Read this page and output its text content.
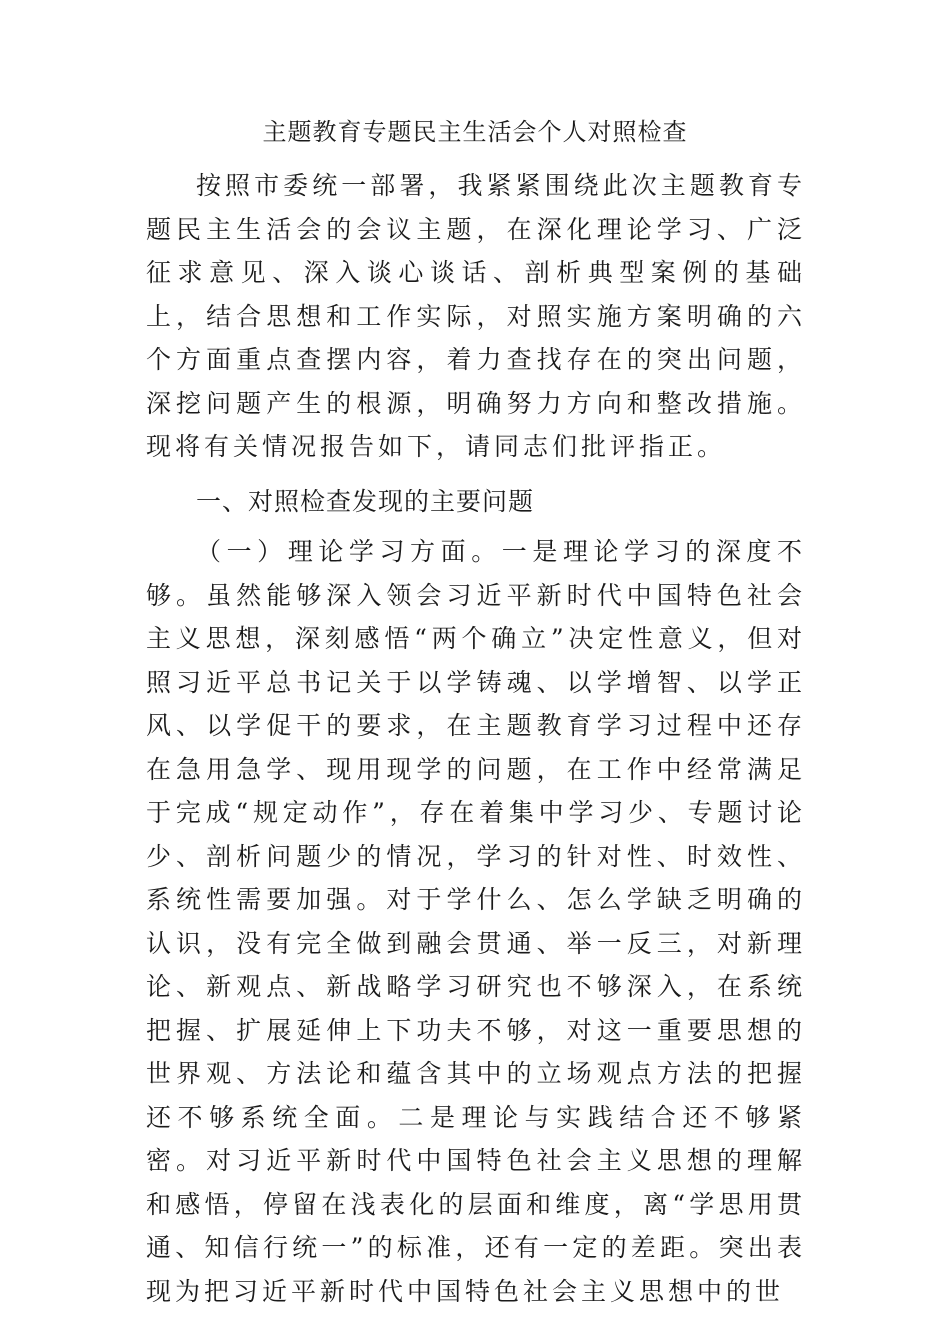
主题教育专题民主生活会个人对照检查

按照市委统一部署，我紧紧围绕此次主题教育专题民主生活会的会议主题，在深化理论学习、广泛征求意见、深入谈心谈话、剖析典型案例的基础上，结合思想和工作实际，对照实施方案明确的六个方面重点查摆内容，着力查找存在的突出问题，深挖问题产生的根源，明确努力方向和整改措施。现将有关情况报告如下，请同志们批评指正。

一、对照检查发现的主要问题

（一）理论学习方面。一是理论学习的深度不够。虽然能够深入领会习近平新时代中国特色社会主义思想，深刻感悟“两个确立”决定性意义，但对照习近平总书记关于以学铸魂、以学增智、以学正风、以学促干的要求，在主题教育学习过程中还存在急用急学、现用现学的问题，在工作中经常满足于完成“规定动作”，存在着集中学习少、专题讨论少、剖析问题少的情况，学习的针对性、时效性、系统性需要加强。对于学什么、怎么学缺乏明确的认识，没有完全做到融会贯通、举一反三，对新理论、新观点、新战略学习研究也不够深入，在系统把握、扩展延伸上下功夫不够，对这一重要思想的世界观、方法论和蕴含其中的立场观点方法的把握还不够系统全面。二是理论与实践结合还不够紧密。对习近平新时代中国特色社会主义思想的理解和感悟，停留在浅表化的层面和维度，离“学思用贯通、知信行统一”的标准，还有一定的差距。突出表现为把习近平新时代中国特色社会主义思想中的世
